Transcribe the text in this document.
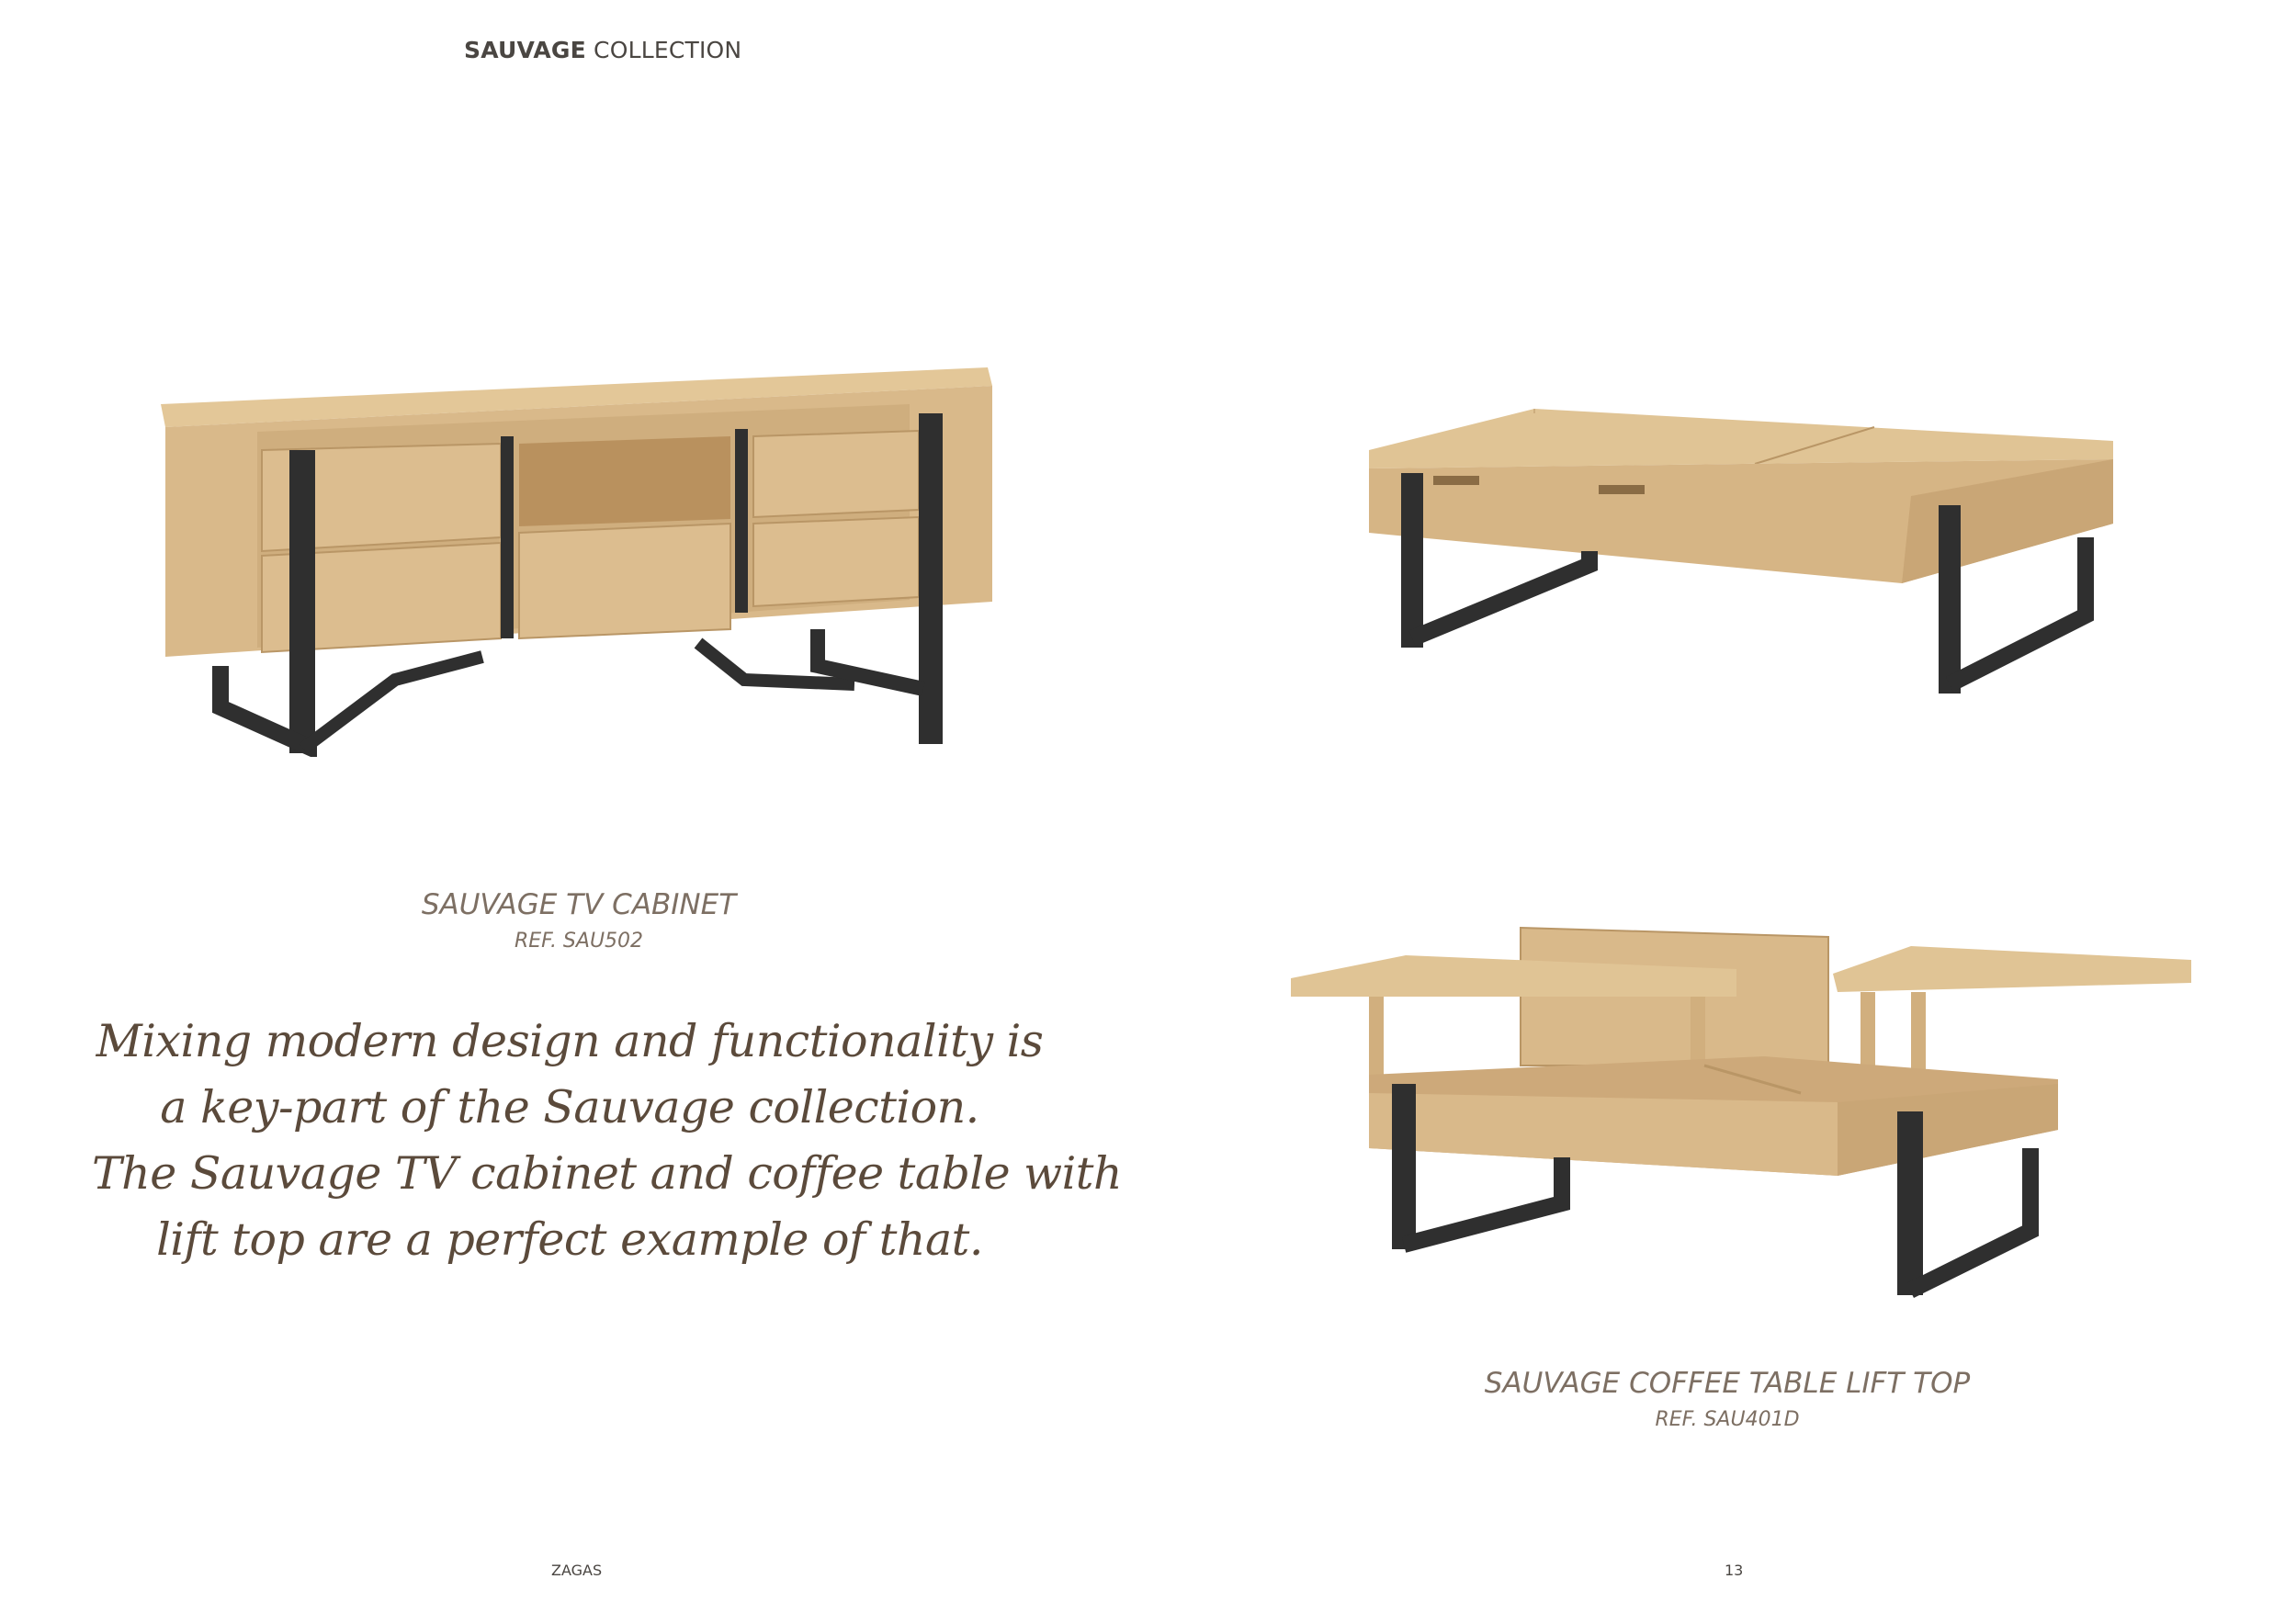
SAUVAGE COLLECTION
SAUVAGE TV CABINET
REF. SAU502
Mixing modern design and functionality is
a key-part of the Sauvage collection.
The Sauvage TV cabinet and coffee table with
lift top are a perfect example of that.
SAUVAGE COFFEE TABLE LIFT TOP
REF. SAU401D
ZAGAS	13
